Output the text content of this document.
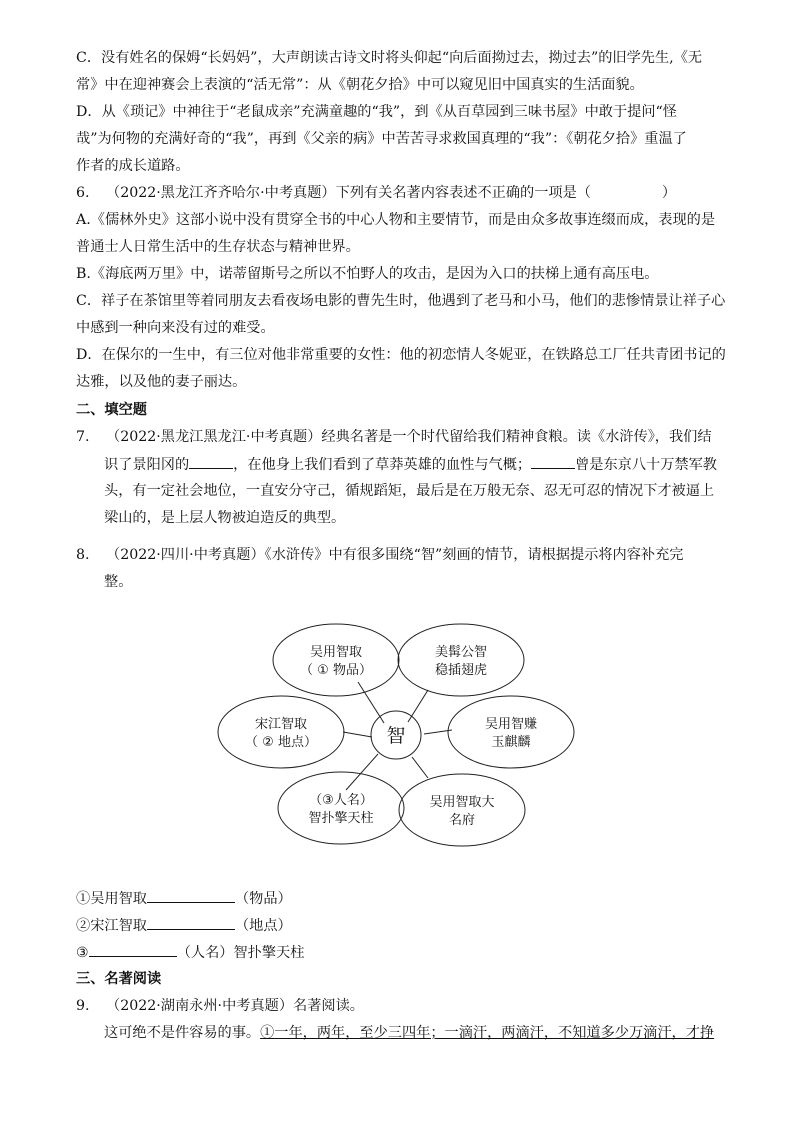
C．没有姓名的保姆“长妈妈”，大声朗读古诗文时将头仰起“向后面拗过去，拗过去”的旧学先生,《无
常》中在迎神赛会上表演的“活无常”：从《朝花夕拾》中可以窥见旧中国真实的生活面貌。
D．从《琐记》中神往于“老鼠成亲”充满童趣的“我”，到《从百草园到三味书屋》中敢于提问“怪
哉”为何物的充满好奇的“我”，再到《父亲的病》中苦苦寻求救国真理的“我”：《朝花夕拾》重温了
作者的成长道路。
6. （2022·黑龙江齐齐哈尔·中考真题）下列有关名著内容表述不正确的一项是（　　　　　）
A.《儒林外史》这部小说中没有贯穿全书的中心人物和主要情节，而是由众多故事连缀而成，表现的是
普通士人日常生活中的生存状态与精神世界。
B.《海底两万里》中，诺蒂留斯号之所以不怕野人的攻击，是因为入口的扶梯上通有高压电。
C．祥子在茶馆里等着同朋友去看夜场电影的曹先生时，他遇到了老马和小马，他们的悲惨情景让祥子心
中感到一种向来没有过的难受。
D．在保尔的一生中，有三位对他非常重要的女性：他的初恋情人冬妮亚，在铁路总工厂任共青团书记的
达雅，以及他的妻子丽达。
二、填空题
7. （2022·黑龙江黑龙江·中考真题）经典名著是一个时代留给我们精神食粮。读《水浒传》，我们结
识了景阳冈的	，在他身上我们看到了草莽英雄的血性与气概；	曾是东京八十万禁军教
头，有一定社会地位，一直安分守己，循规蹈矩，最后是在万般无奈、忍无可忍的情况下才被逼上
梁山的，是上层人物被迫造反的典型。
8. （2022·四川·中考真题）《水浒传》中有很多围绕“智”刻画的情节，请根据提示将内容补充完
整。
吴用智取
（ ① 物品）
美髯公智
稳插翅虎
宋江智取
（ ② 地点）	智
吴用智赚
玉麒麟
（③人名）
智扑擎天柱
吴用智取大
名府
①吴用智取	（物品）
②宋江智取	（地点）
③	（人名）智扑擎天柱
三、名著阅读
9. （2022·湖南永州·中考真题）名著阅读。
这可绝不是件容易的事。①一年，两年，至少三四年；一滴汗，两滴汗，不知道多少万滴汗，才挣
